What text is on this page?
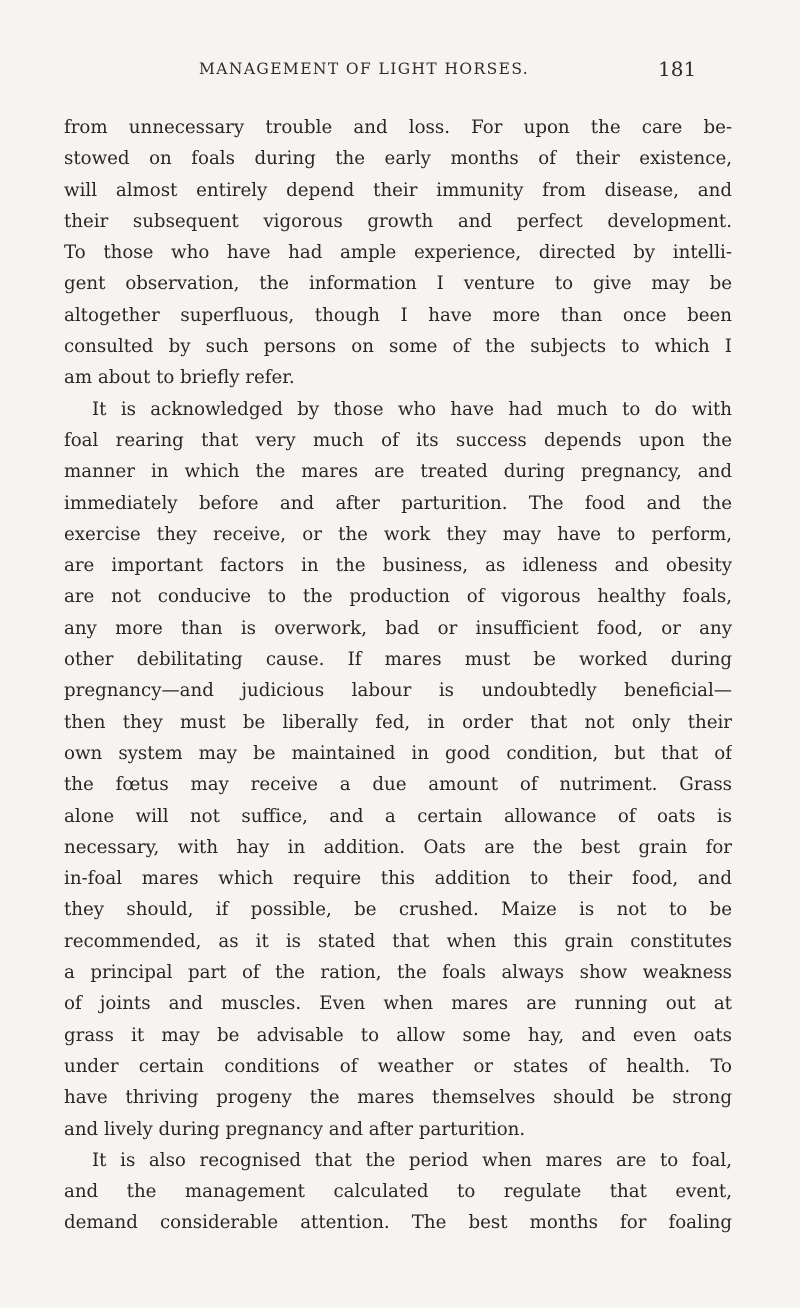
MANAGEMENT OF LIGHT HORSES.	181
from unnecessary trouble and loss. For upon the care be-
stowed on foals during the early months of their existence,
will almost entirely depend their immunity from disease, and
their subsequent vigorous growth and perfect development.
To those who have had ample experience, directed by intelli-
gent observation, the information I venture to give may be
altogether superfluous, though I have more than once been
consulted by such persons on some of the subjects to which I
am about to briefly refer.
It is acknowledged by those who have had much to do with
foal rearing that very much of its success depends upon the
manner in which the mares are treated during pregnancy, and
immediately before and after parturition. The food and the
exercise they receive, or the work they may have to perform,
are important factors in the business, as idleness and obesity
are not conducive to the production of vigorous healthy foals,
any more than is overwork, bad or insufficient food, or any
other debilitating cause. If mares must be worked during
pregnancy—and judicious labour is undoubtedly beneficial—
then they must be liberally fed, in order that not only their
own system may be maintained in good condition, but that of
the fœtus may receive a due amount of nutriment. Grass
alone will not suffice, and a certain allowance of oats is
necessary, with hay in addition. Oats are the best grain for
in-foal mares which require this addition to their food, and
they should, if possible, be crushed. Maize is not to be
recommended, as it is stated that when this grain constitutes
a principal part of the ration, the foals always show weakness
of joints and muscles. Even when mares are running out at
grass it may be advisable to allow some hay, and even oats
under certain conditions of weather or states of health. To
have thriving progeny the mares themselves should be strong
and lively during pregnancy and after parturition.
It is also recognised that the period when mares are to foal,
and the management calculated to regulate that event,
demand considerable attention. The best months for foaling
